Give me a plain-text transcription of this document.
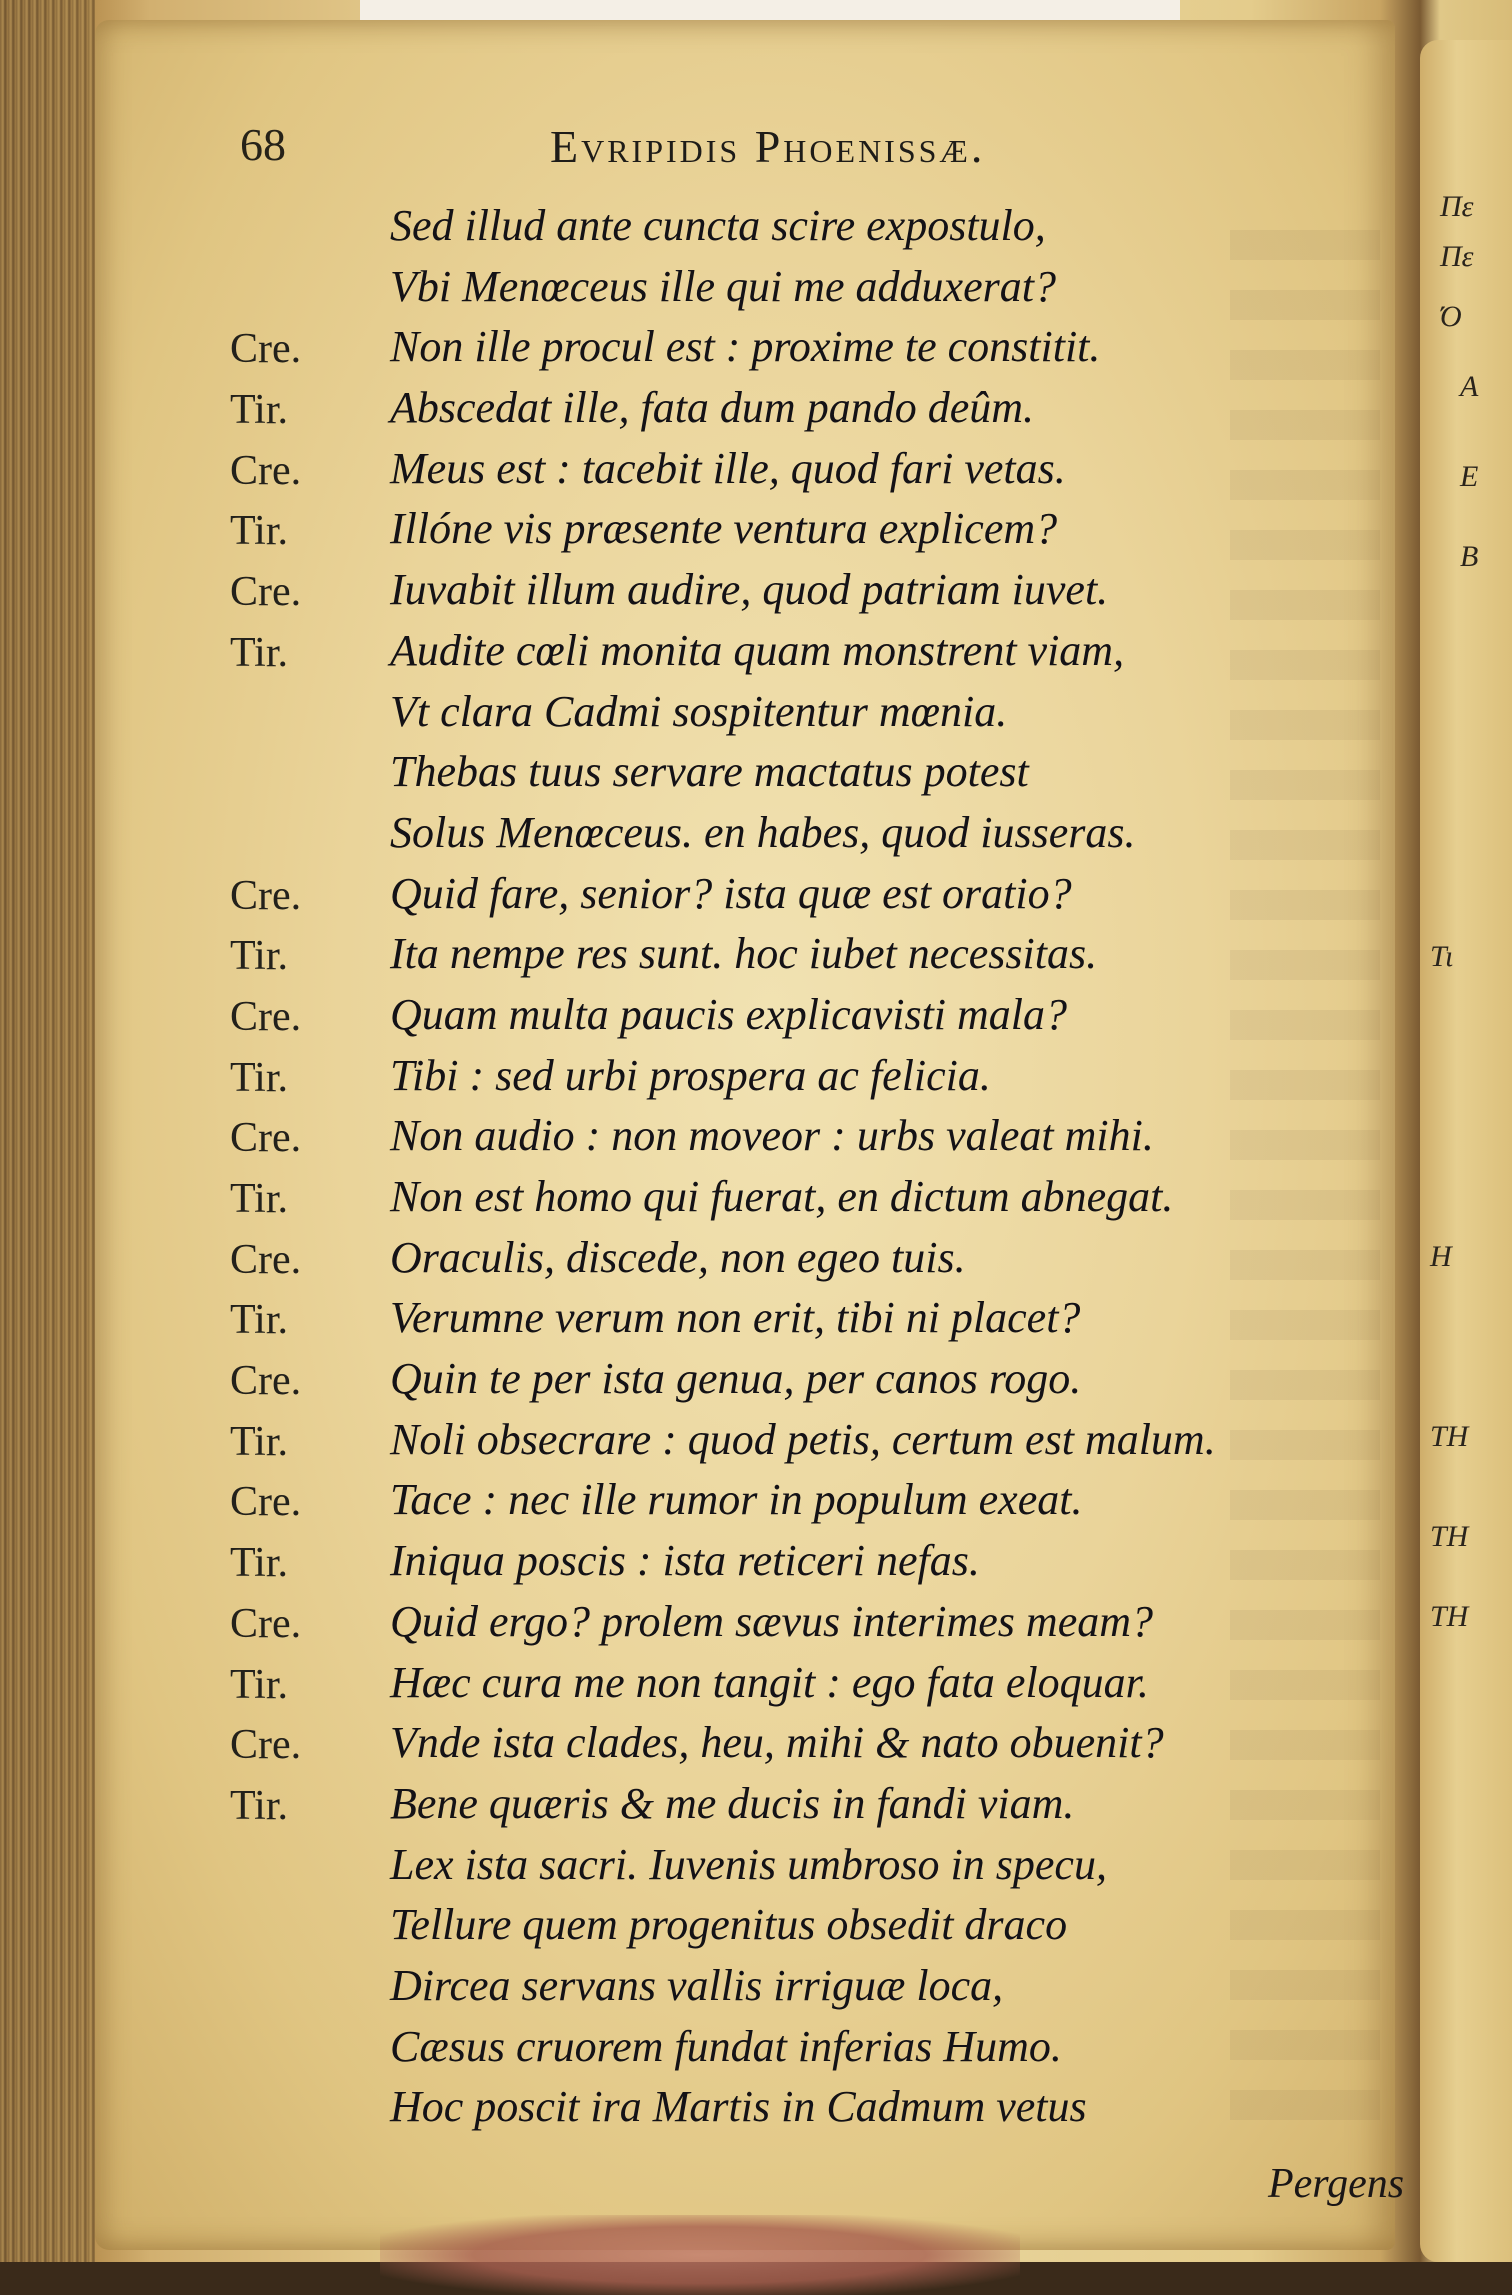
Πε
Πε
Ό
Α
Ε
Β
Τι
Η
ΤΗ
ΤΗ
ΤΗ
68	Evripidis Phoenissæ.
Sed illud ante cuncta scire expostulo,
Vbi Menœceus ille qui me adduxerat?
Cre. Non ille procul est : proxime te constitit.
Tir. Abscedat ille, fata dum pando deûm.
Cre. Meus est : tacebit ille, quod fari vetas.
Tir. Illóne vis præsente ventura explicem?
Cre. Iuvabit illum audire, quod patriam iuvet.
Tir. Audite cœli monita quam monstrent viam,
Vt clara Cadmi sospitentur mœnia.
Thebas tuus servare mactatus potest
Solus Menœceus. en habes, quod iusseras.
Cre. Quid fare, senior? ista quæ est oratio?
Tir. Ita nempe res sunt. hoc iubet necessitas.
Cre. Quam multa paucis explicavisti mala?
Tir. Tibi : sed urbi prospera ac felicia.
Cre. Non audio : non moveor : urbs valeat mihi.
Tir. Non est homo qui fuerat, en dictum abnegat.
Cre. Oraculis, discede, non egeo tuis.
Tir. Verumne verum non erit, tibi ni placet?
Cre. Quin te per ista genua, per canos rogo.
Tir. Noli obsecrare : quod petis, certum est malum.
Cre. Tace : nec ille rumor in populum exeat.
Tir. Iniqua poscis : ista reticeri nefas.
Cre. Quid ergo? prolem sævus interimes meam?
Tir. Hæc cura me non tangit : ego fata eloquar.
Cre. Vnde ista clades, heu, mihi & nato obuenit?
Tir. Bene quæris & me ducis in fandi viam.
Lex ista sacri. Iuvenis umbroso in specu,
Tellure quem progenitus obsedit draco
Dircea servans vallis irriguæ loca,
Cæsus cruorem fundat inferias Humo.
Hoc poscit ira Martis in Cadmum vetus
Pergens
